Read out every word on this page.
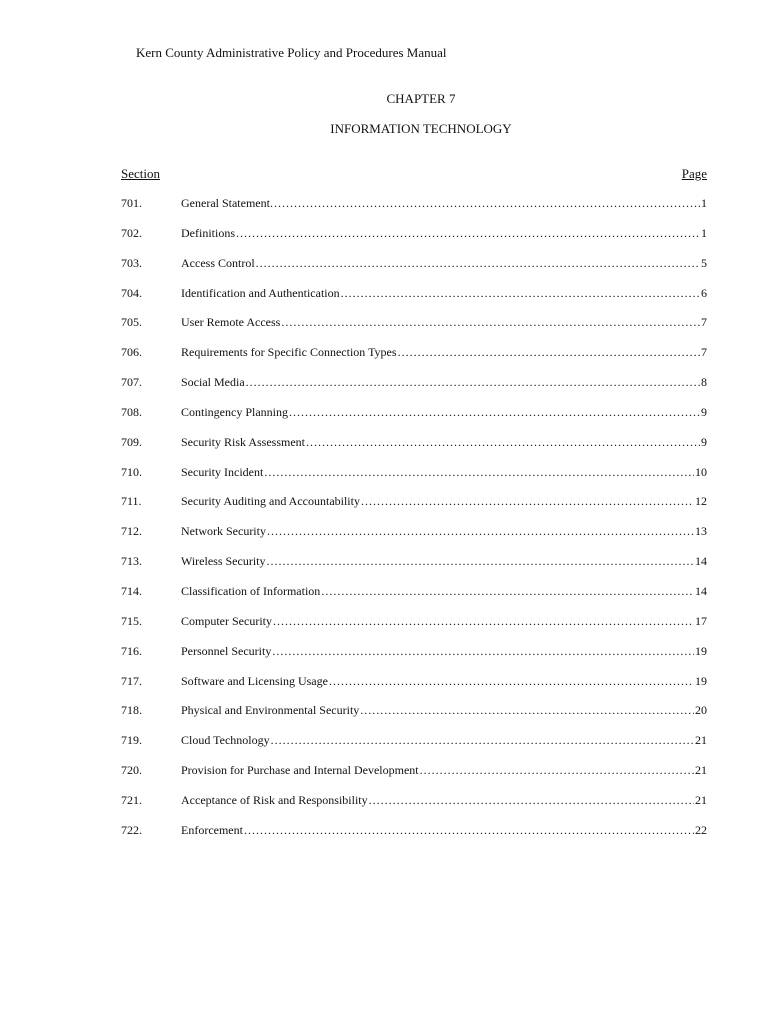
Kern County Administrative Policy and Procedures Manual
CHAPTER 7
INFORMATION TECHNOLOGY
Section	Page
701.	General Statement. . . .	1
702.	Definitions . . .	1
703.	Access Control . . .	5
704.	Identification and Authentication . . .	6
705.	User Remote Access . . .	7
706.	Requirements for Specific Connection Types . . .	7
707.	Social Media . . .	8
708.	Contingency Planning . . .	9
709.	Security Risk Assessment . . .	9
710.	Security Incident . . .	10
711.	Security Auditing and Accountability . . .	12
712.	Network Security . . .	13
713.	Wireless Security . . .	14
714.	Classification of Information . . .	14
715.	Computer Security . . .	17
716.	Personnel Security . . .	19
717.	Software and Licensing Usage . . .	19
718.	Physical and Environmental Security . . .	20
719.	Cloud Technology . . .	21
720.	Provision for Purchase and Internal Development . . .	21
721.	Acceptance of Risk and Responsibility . . .	21
722.	Enforcement . . .	22
